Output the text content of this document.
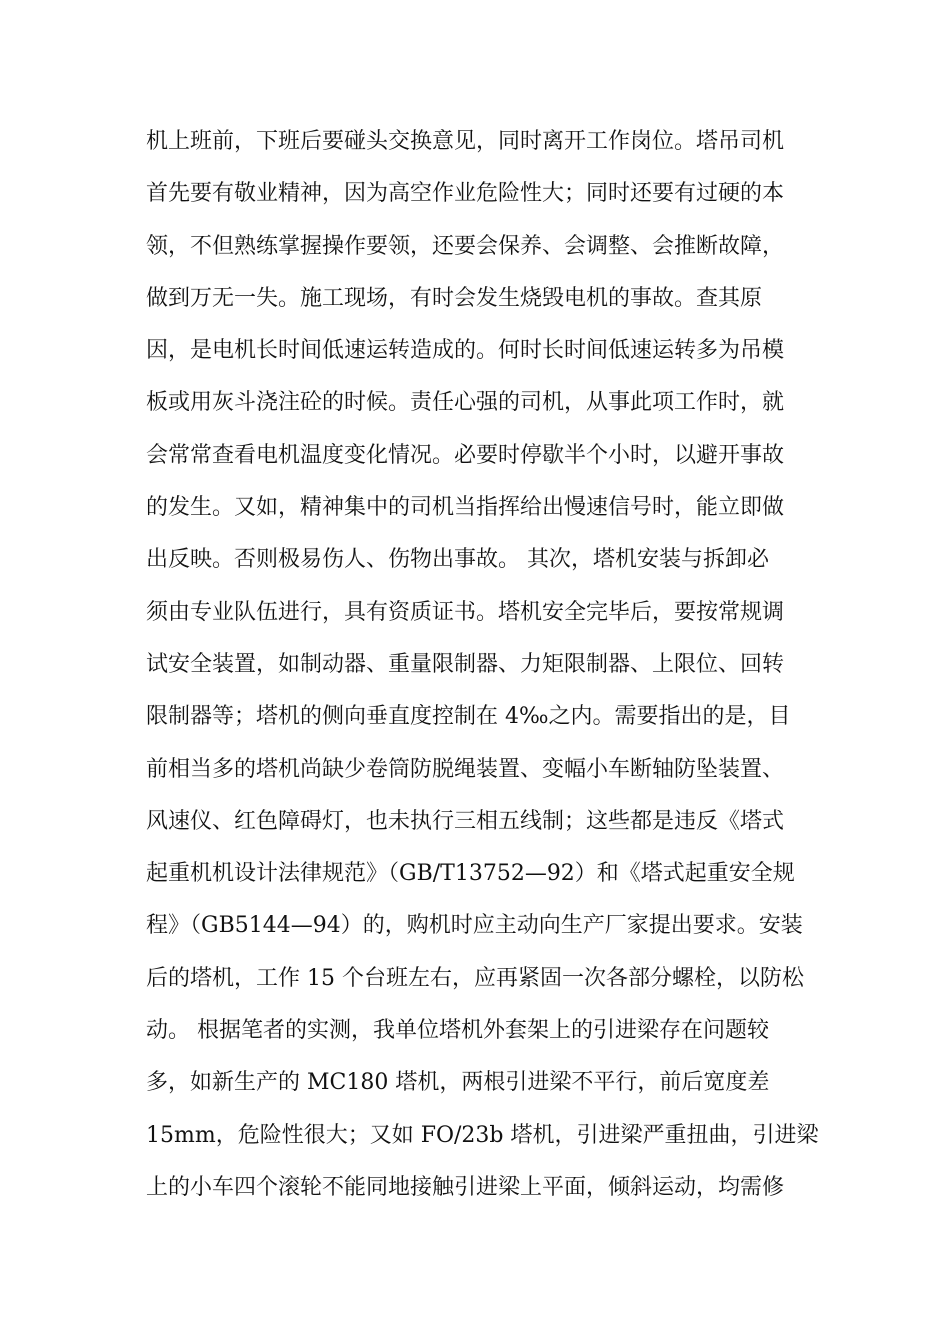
机上班前，下班后要碰头交换意见，同时离开工作岗位。塔吊司机
首先要有敬业精神，因为高空作业危险性大；同时还要有过硬的本
领，不但熟练掌握操作要领，还要会保养、会调整、会推断故障，
做到万无一失。施工现场，有时会发生烧毁电机的事故。查其原
因，是电机长时间低速运转造成的。何时长时间低速运转多为吊模
板或用灰斗浇注砼的时候。责任心强的司机，从事此项工作时，就
会常常查看电机温度变化情况。必要时停歇半个小时，以避开事故
的发生。又如，精神集中的司机当指挥给出慢速信号时，能立即做
出反映。否则极易伤人、伤物出事故。 其次，塔机安装与拆卸必
须由专业队伍进行，具有资质证书。塔机安全完毕后，要按常规调
试安全装置，如制动器、重量限制器、力矩限制器、上限位、回转
限制器等；塔机的侧向垂直度控制在 4‰之内。需要指出的是，目
前相当多的塔机尚缺少卷筒防脱绳装置、变幅小车断轴防坠装置、
风速仪、红色障碍灯，也未执行三相五线制；这些都是违反《塔式
起重机机设计法律规范》（GB/T13752—92）和《塔式起重安全规
程》（GB5144—94）的，购机时应主动向生产厂家提出要求。安装
后的塔机，工作 15 个台班左右，应再紧固一次各部分螺栓，以防松
动。 根据笔者的实测，我单位塔机外套架上的引进梁存在问题较
多，如新生产的 MC180 塔机，两根引进梁不平行，前后宽度差
15mm，危险性很大；又如 FO/23b 塔机，引进梁严重扭曲，引进梁
上的小车四个滚轮不能同地接触引进梁上平面，倾斜运动，均需修
